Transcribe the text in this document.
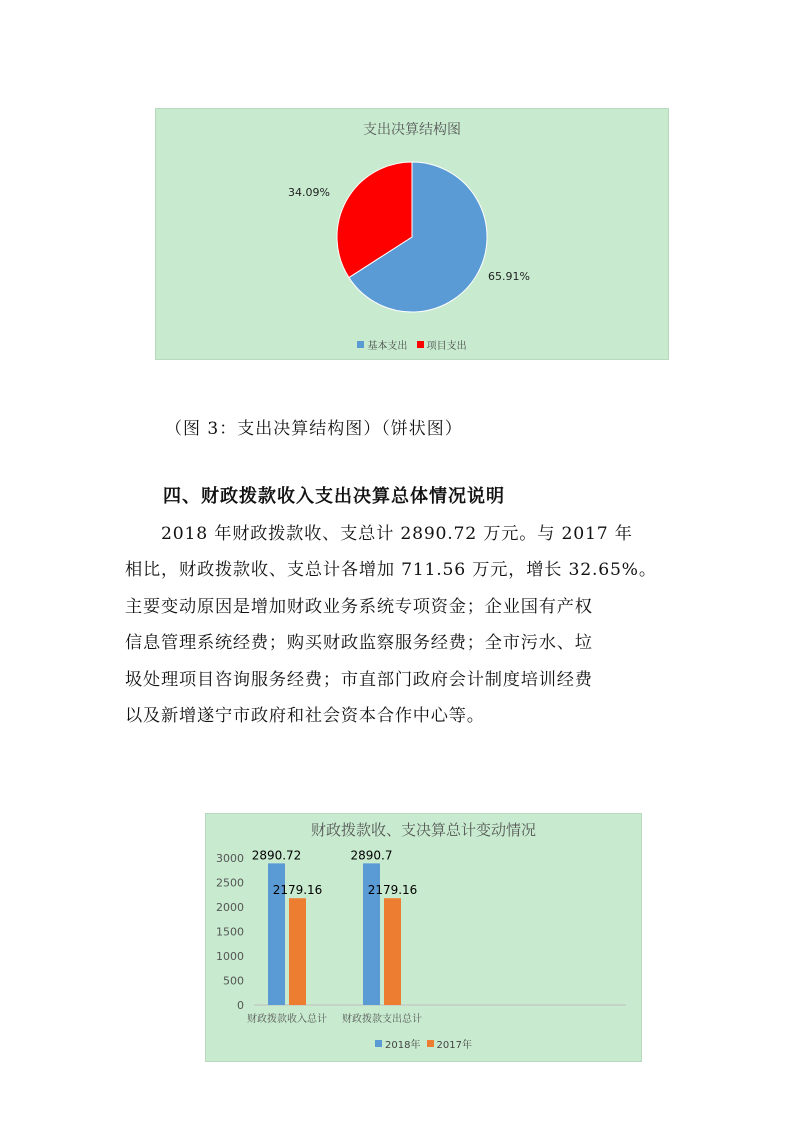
支出决算结构图
65.91%
34.09%
基本支出
项目支出
（图 3：支出决算结构图）（饼状图）
四、财政拨款收入支出决算总体情况说明
2018 年财政拨款收、支总计 2890.72 万元。与 2017 年
相比，财政拨款收、支总计各增加 711.56 万元，增长 32.65%。
主要变动原因是增加财政业务系统专项资金；企业国有产权
信息管理系统经费；购买财政监察服务经费；全市污水、垃
圾处理项目咨询服务经费；市直部门政府会计制度培训经费
以及新增遂宁市政府和社会资本合作中心等。
财政拨款收、支决算总计变动情况
0
500
1000
1500
2000
2500
3000 2890.72
2179.16
财政拨款收入总计
2890.7
2179.16
财政拨款支出总计
2018年 2017年
